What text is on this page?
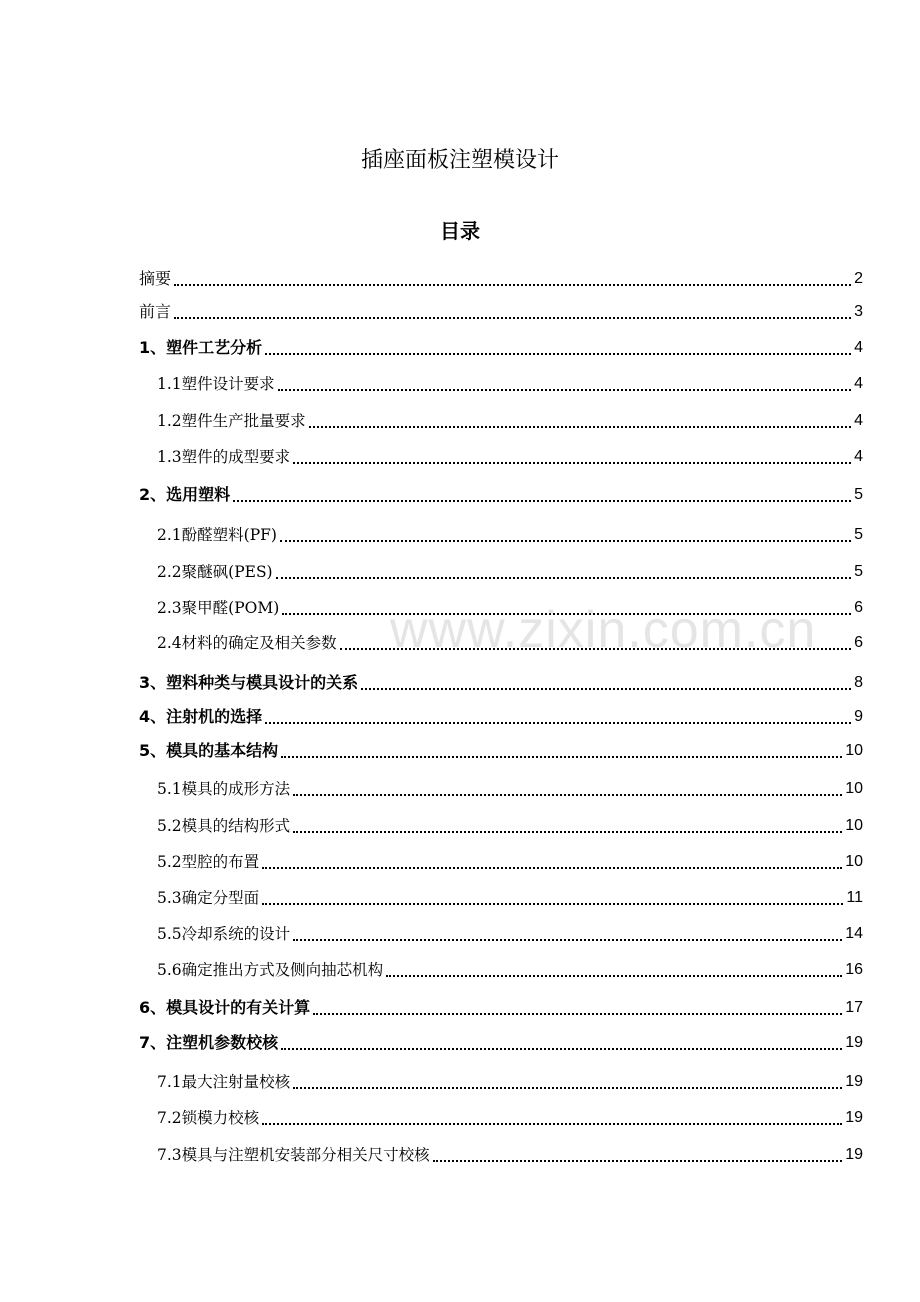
插座面板注塑模设计
目录
摘要	2
前言	3
1、塑件工艺分析	4
1.1塑件设计要求	4
1.2塑件生产批量要求	4
1.3塑件的成型要求	4
2、选用塑料	5
2.1酚醛塑料(PF)	5
2.2聚醚砜(PES)	5
2.3聚甲醛(POM)	6
2.4材料的确定及相关参数	6
3、塑料种类与模具设计的关系	8
4、注射机的选择	9
5、模具的基本结构	10
5.1模具的成形方法	10
5.2模具的结构形式	10
5.2型腔的布置	10
5.3确定分型面	11
5.5冷却系统的设计	14
5.6确定推出方式及侧向抽芯机构	16
6、模具设计的有关计算	17
7、注塑机参数校核	19
7.1最大注射量校核	19
7.2锁模力校核	19
7.3模具与注塑机安装部分相关尺寸校核	19
www.zixin.com.cn
